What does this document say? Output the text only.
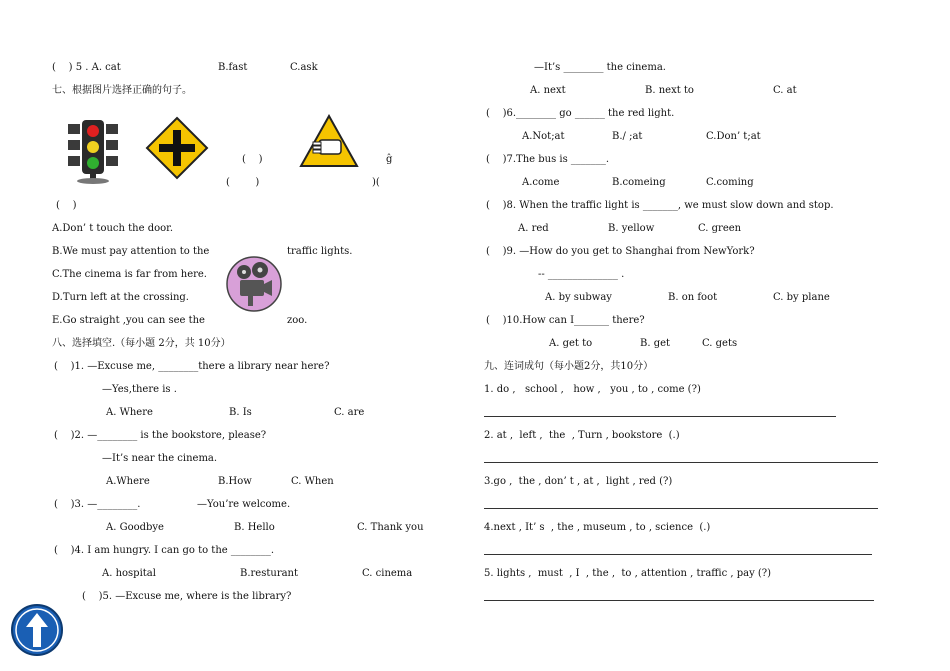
(    ) 5 . A. cat	B.fast	C.ask
七、根据图片选择正确的句子。
(    )	ĝ
(        )	)(
(    )
A.Don’ t touch the door.
B.We must pay attention to the	traffic lights.
C.The cinema is far from here.
D.Turn left at the crossing.
E.Go straight ,you can see the	zoo.
八、选择填空.（每小题 2分，共 10分）
(    )1. —Excuse me, ________there a library near here?
—Yes,there is .
A. Where	B. Is	C. are
(    )2. —________ is the bookstore, please?
—It’s near the cinema.
A.Where	B.How	C. When
(    )3. —________.	—You’re welcome.
A. Goodbye	B. Hello	C. Thank you
(    )4. I am hungry. I can go to the ________.
A. hospital	B.resturant	C. cinema
(    )5. —Excuse me, where is the library?
—It’s ________ the cinema.
A. next	B. next to	C. at
(    )6.________ go ______ the red light.
A.Not;at	B./ ;at	C.Don’ t;at
(    )7.The bus is _______.
A.come	B.comeing	C.coming
(    )8. When the traffic light is _______, we must slow down and stop.
A. red	B. yellow	C. green
(    )9. —How do you get to Shanghai from NewYork?
-- ______________ .
A. by subway	B. on foot	C. by plane
(    )10.How can I_______ there?
A. get to	B. get	C. gets
九、连词成句（每小题2分，共10分）
1. do ,   school ,   how ,   you , to , come (?)
2. at ,  left ,  the  , Turn , bookstore  (.)
3.go ,  the , don’ t , at ,  light , red (?)
4.next , It’ s  , the , museum , to , science  (.)
5. lights ,  must  , I  , the ,  to , attention , traffic , pay (?)
